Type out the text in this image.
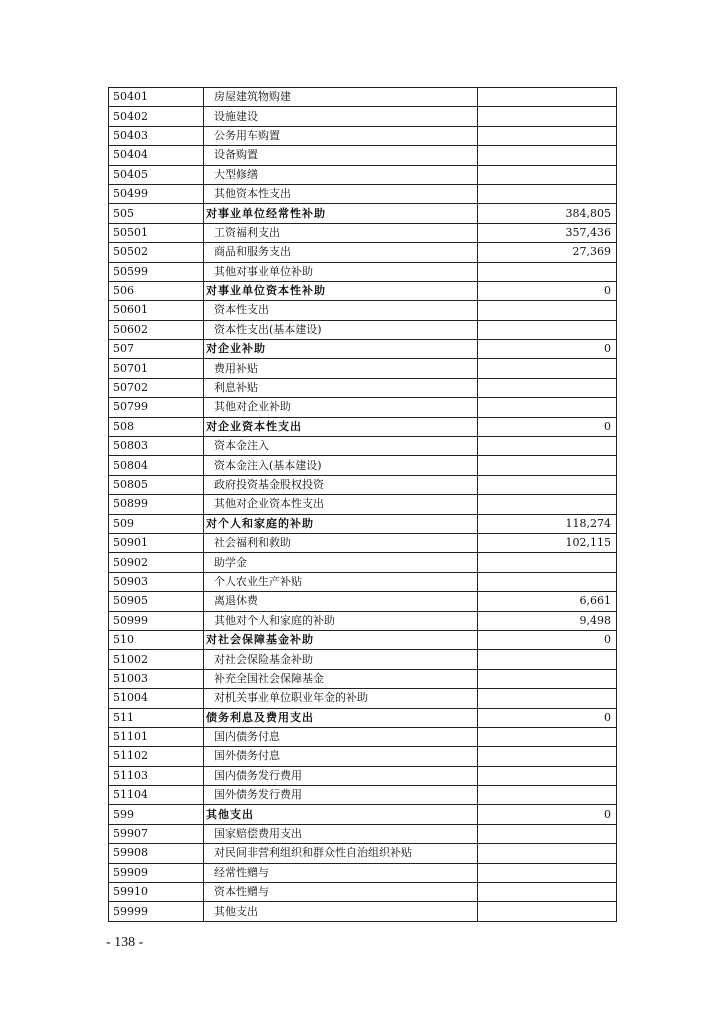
50401	房屋建筑物购建	
50402	设施建设	
50403	公务用车购置	
50404	设备购置	
50405	大型修缮	
50499	其他资本性支出	
505	对事业单位经常性补助	384,805
50501	工资福利支出	357,436
50502	商品和服务支出	27,369
50599	其他对事业单位补助	
506	对事业单位资本性补助	0
50601	资本性支出	
50602	资本性支出(基本建设)	
507	对企业补助	0
50701	费用补贴	
50702	利息补贴	
50799	其他对企业补助	
508	对企业资本性支出	0
50803	资本金注入	
50804	资本金注入(基本建设)	
50805	政府投资基金股权投资	
50899	其他对企业资本性支出	
509	对个人和家庭的补助	118,274
50901	社会福利和救助	102,115
50902	助学金	
50903	个人农业生产补贴	
50905	离退休费	6,661
50999	其他对个人和家庭的补助	9,498
510	对社会保障基金补助	0
51002	对社会保险基金补助	
51003	补充全国社会保障基金	
51004	对机关事业单位职业年金的补助	
511	债务利息及费用支出	0
51101	国内债务付息	
51102	国外债务付息	
51103	国内债务发行费用	
51104	国外债务发行费用	
599	其他支出	0
59907	国家赔偿费用支出	
59908	对民间非营利组织和群众性自治组织补贴	
59909	经常性赠与	
59910	资本性赠与	
59999	其他支出	
- 138 -
